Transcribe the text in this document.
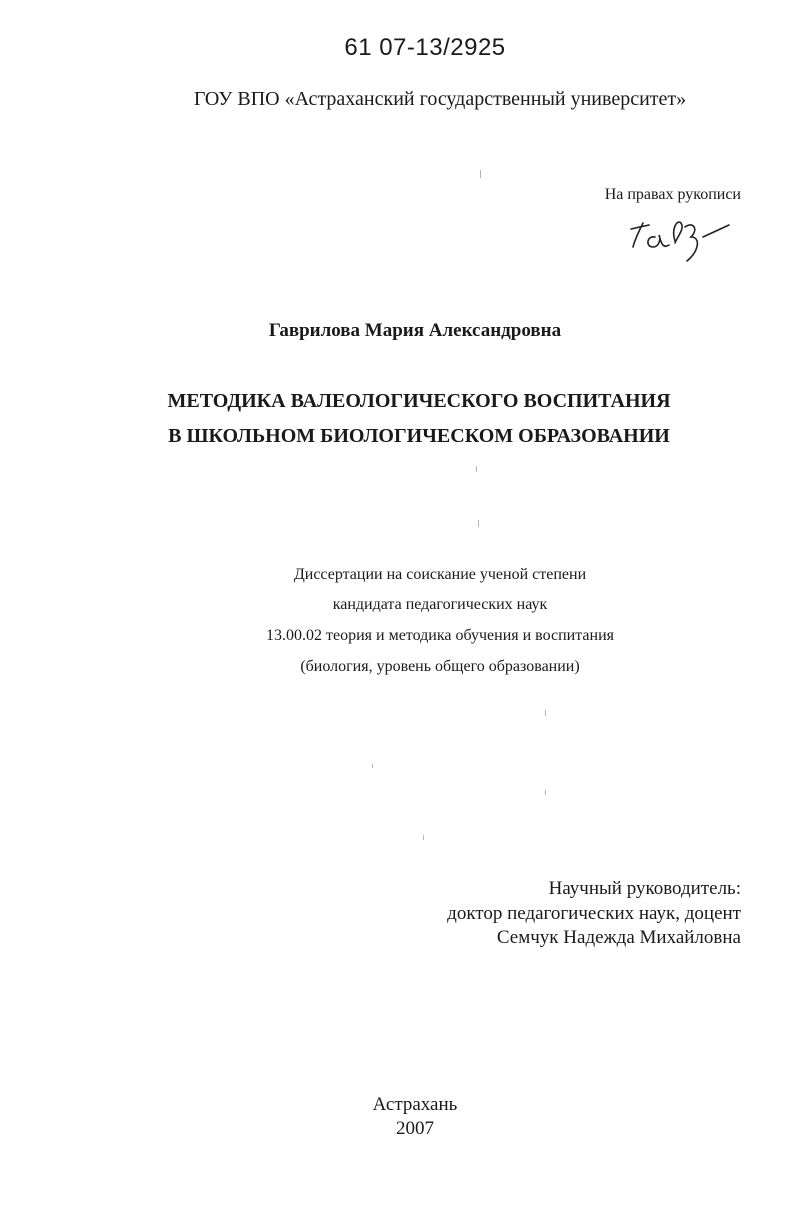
61 07-13/2925
ГОУ ВПО «Астраханский государственный университет»
На правах рукописи
Гаврилова Мария Александровна
МЕТОДИКА ВАЛЕОЛОГИЧЕСКОГО ВОСПИТАНИЯ
В ШКОЛЬНОМ БИОЛОГИЧЕСКОМ ОБРАЗОВАНИИ
Диссертации на соискание ученой степени
кандидата педагогических наук
13.00.02 теория и методика обучения и воспитания
(биология, уровень общего образовании)
Научный руководитель:
доктор педагогических наук, доцент
Семчук Надежда Михайловна
Астрахань
2007
